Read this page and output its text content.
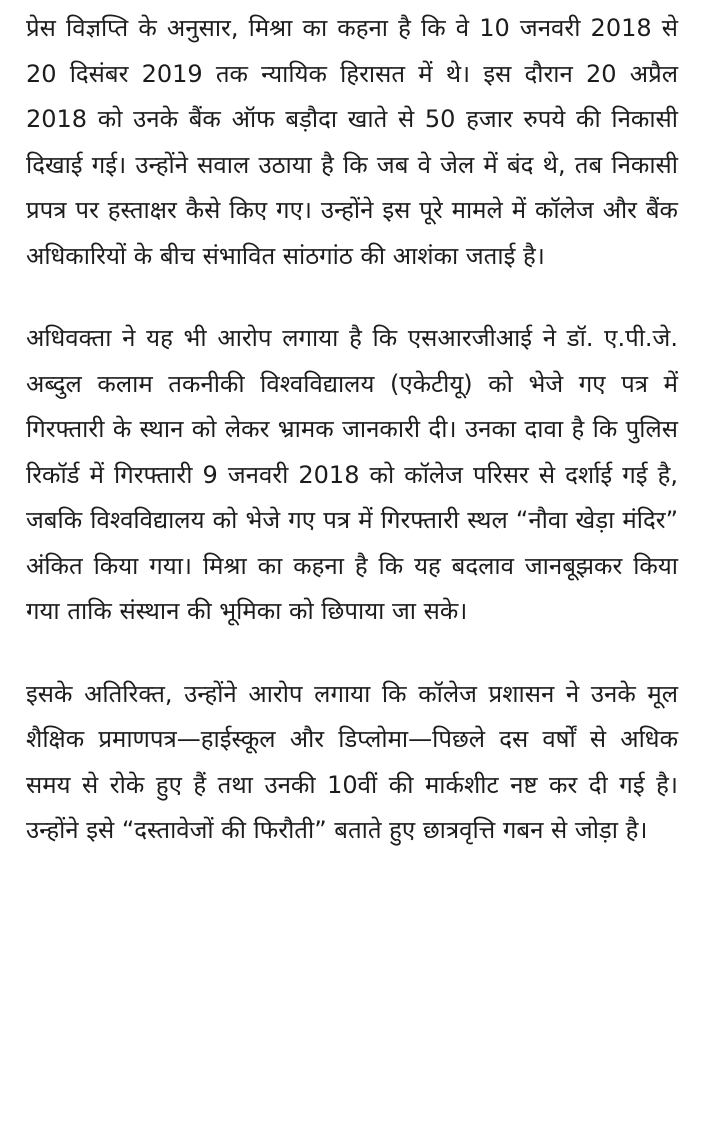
प्रेस विज्ञप्ति के अनुसार, मिश्रा का कहना है कि वे 10 जनवरी 2018 से 20 दिसंबर 2019 तक न्यायिक हिरासत में थे। इस दौरान 20 अप्रैल 2018 को उनके बैंक ऑफ बड़ौदा खाते से 50 हजार रुपये की निकासी दिखाई गई। उन्होंने सवाल उठाया है कि जब वे जेल में बंद थे, तब निकासी प्रपत्र पर हस्ताक्षर कैसे किए गए। उन्होंने इस पूरे मामले में कॉलेज और बैंक अधिकारियों के बीच संभावित सांठगांठ की आशंका जताई है।

अधिवक्ता ने यह भी आरोप लगाया है कि एसआरजीआई ने डॉ. ए.पी.जे. अब्दुल कलाम तकनीकी विश्वविद्यालय (एकेटीयू) को भेजे गए पत्र में गिरफ्तारी के स्थान को लेकर भ्रामक जानकारी दी। उनका दावा है कि पुलिस रिकॉर्ड में गिरफ्तारी 9 जनवरी 2018 को कॉलेज परिसर से दर्शाई गई है, जबकि विश्वविद्यालय को भेजे गए पत्र में गिरफ्तारी स्थल “नौवा खेड़ा मंदिर” अंकित किया गया। मिश्रा का कहना है कि यह बदलाव जानबूझकर किया गया ताकि संस्थान की भूमिका को छिपाया जा सके।

इसके अतिरिक्त, उन्होंने आरोप लगाया कि कॉलेज प्रशासन ने उनके मूल शैक्षिक प्रमाणपत्र—हाईस्कूल और डिप्लोमा—पिछले दस वर्षों से अधिक समय से रोके हुए हैं तथा उनकी 10वीं की मार्कशीट नष्ट कर दी गई है। उन्होंने इसे “दस्तावेजों की फिरौती” बताते हुए छात्रवृत्ति गबन से जोड़ा है।
